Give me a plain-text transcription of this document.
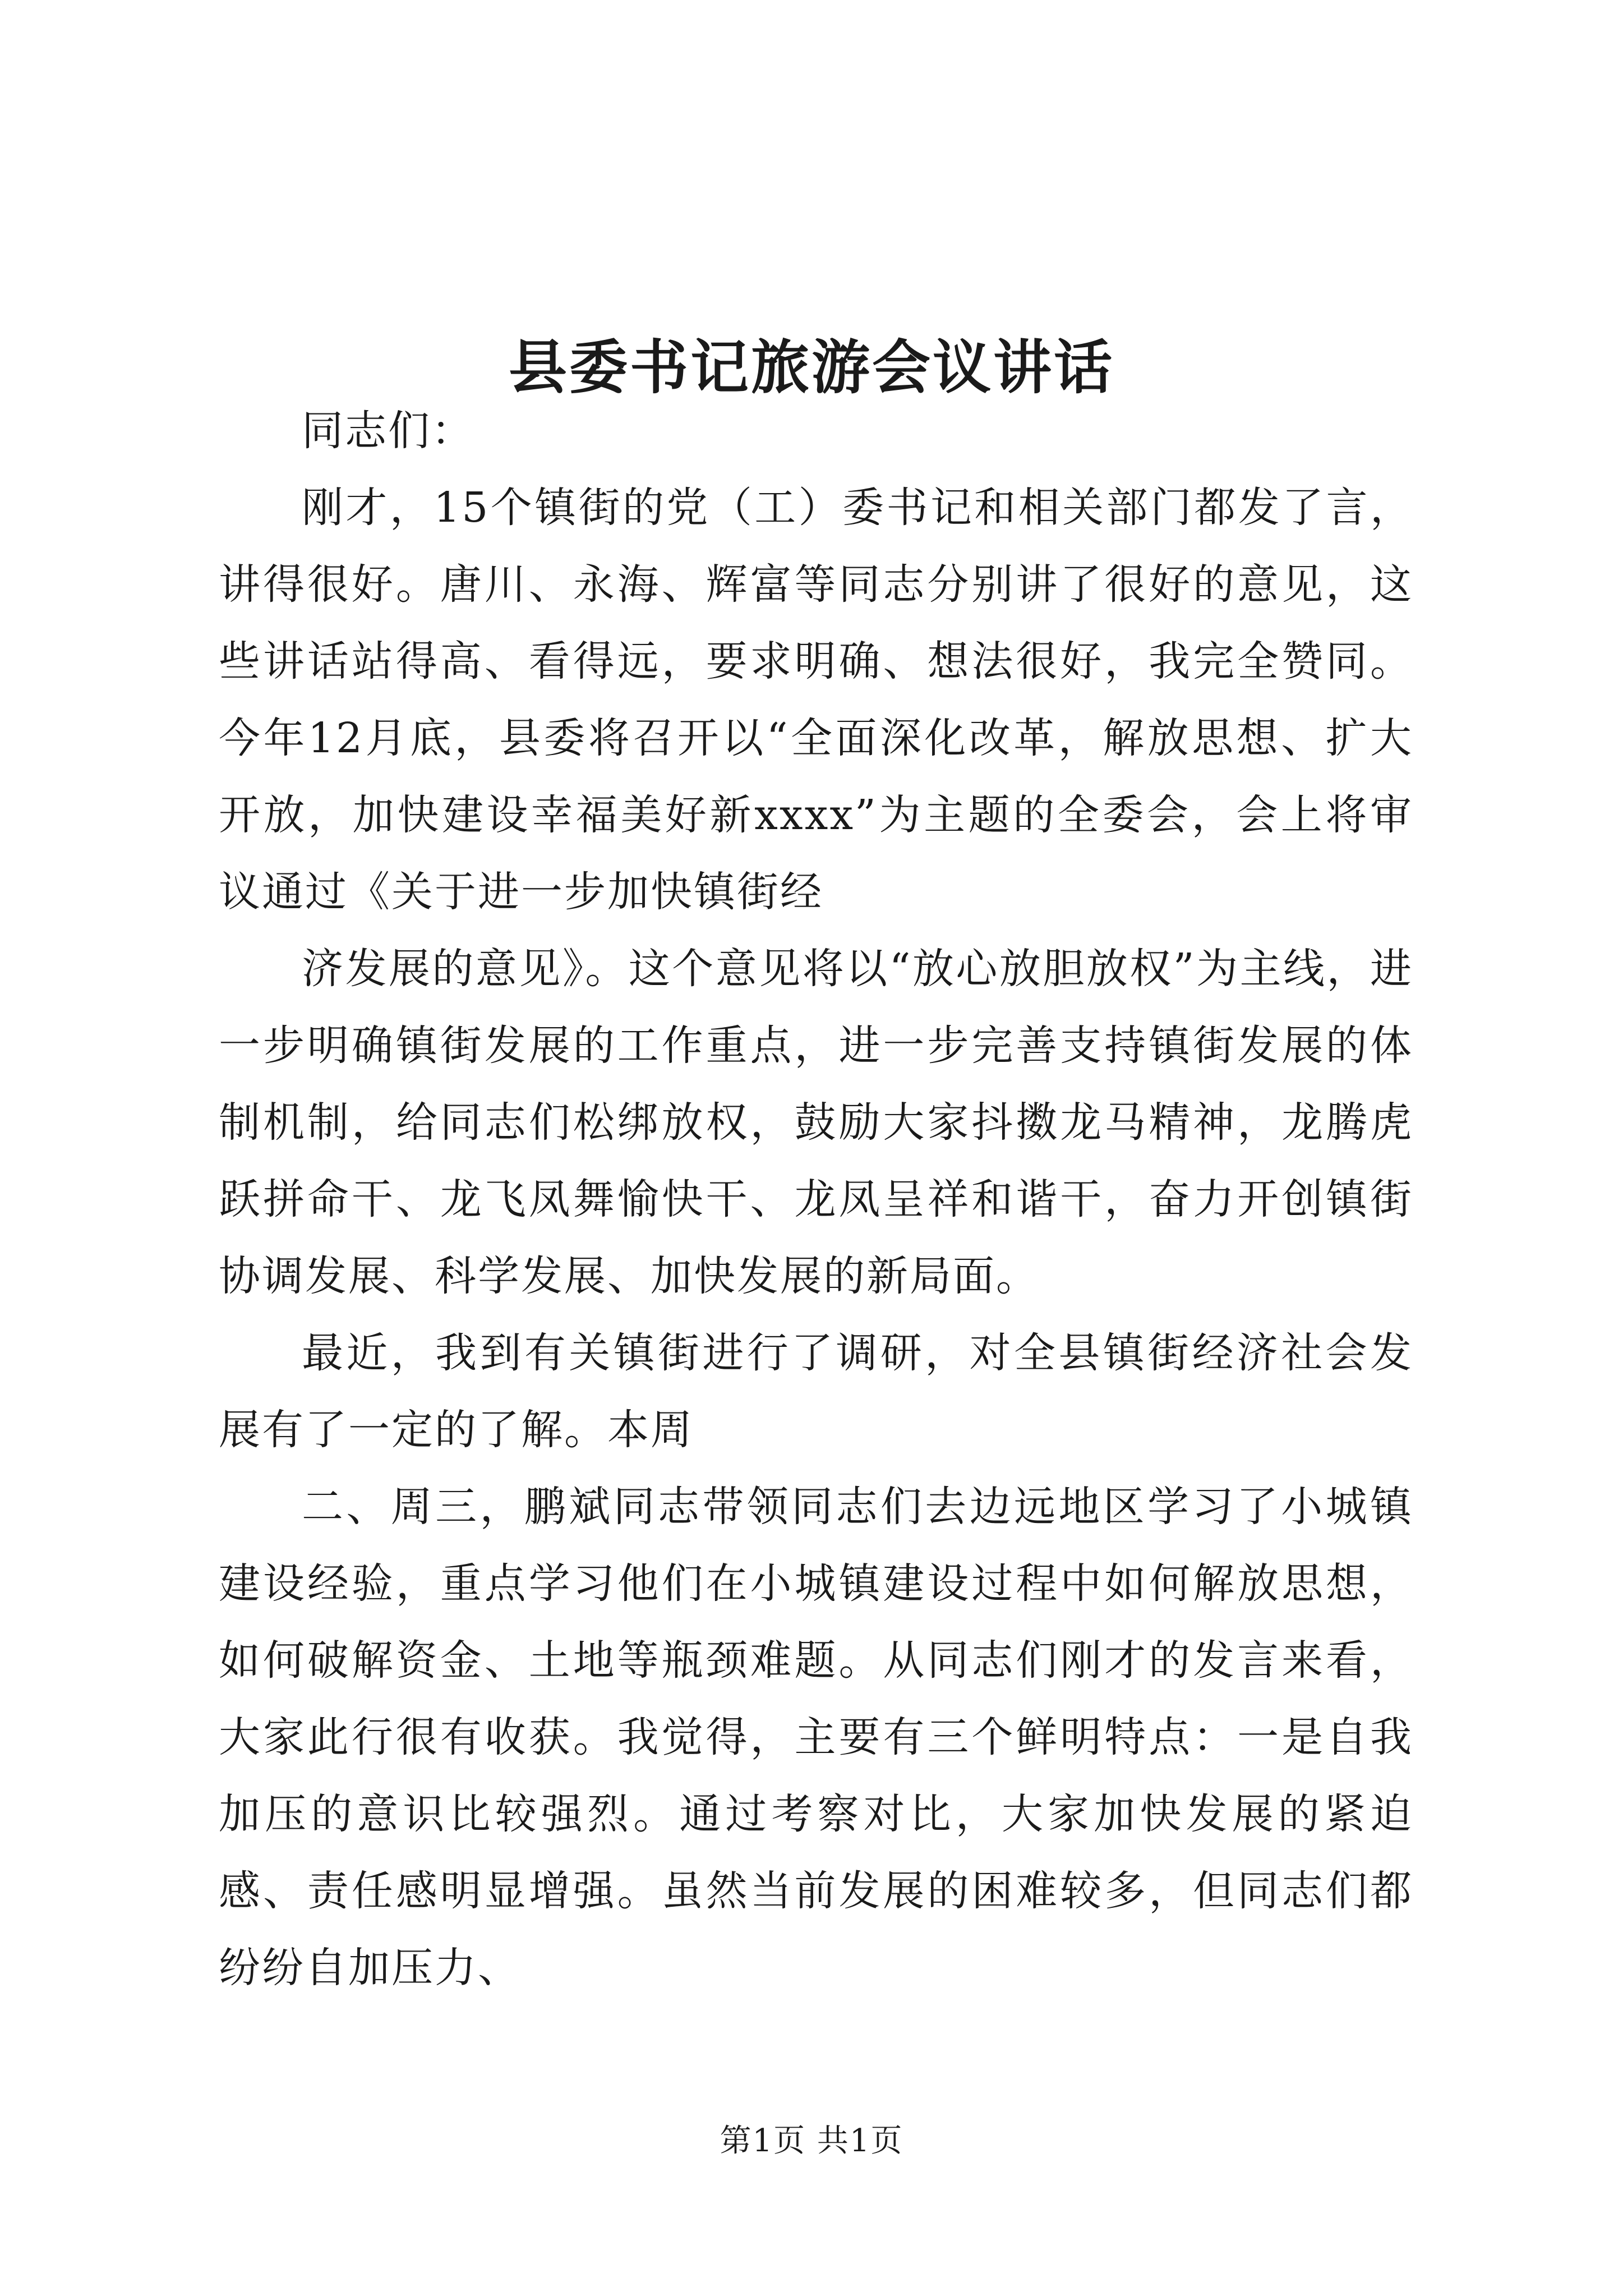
县委书记旅游会议讲话

同志们：

刚才，15个镇街的党（工）委书记和相关部门都发了言，讲得很好。唐川、永海、辉富等同志分别讲了很好的意见，这些讲话站得高、看得远，要求明确、想法很好，我完全赞同。今年12月底，县委将召开以“全面深化改革，解放思想、扩大开放，加快建设幸福美好新xxxx”为主题的全委会，会上将审议通过《关于进一步加快镇街经

济发展的意见》。这个意见将以“放心放胆放权”为主线，进一步明确镇街发展的工作重点，进一步完善支持镇街发展的体制机制，给同志们松绑放权，鼓励大家抖擞龙马精神，龙腾虎跃拼命干、龙飞凤舞愉快干、龙凤呈祥和谐干，奋力开创镇街协调发展、科学发展、加快发展的新局面。

最近，我到有关镇街进行了调研，对全县镇街经济社会发展有了一定的了解。本周

二、周三，鹏斌同志带领同志们去边远地区学习了小城镇建设经验，重点学习他们在小城镇建设过程中如何解放思想，如何破解资金、土地等瓶颈难题。从同志们刚才的发言来看，大家此行很有收获。我觉得，主要有三个鲜明特点：一是自我加压的意识比较强烈。通过考察对比，大家加快发展的紧迫感、责任感明显增强。虽然当前发展的困难较多，但同志们都纷纷自加压力、

第1页 共1页
